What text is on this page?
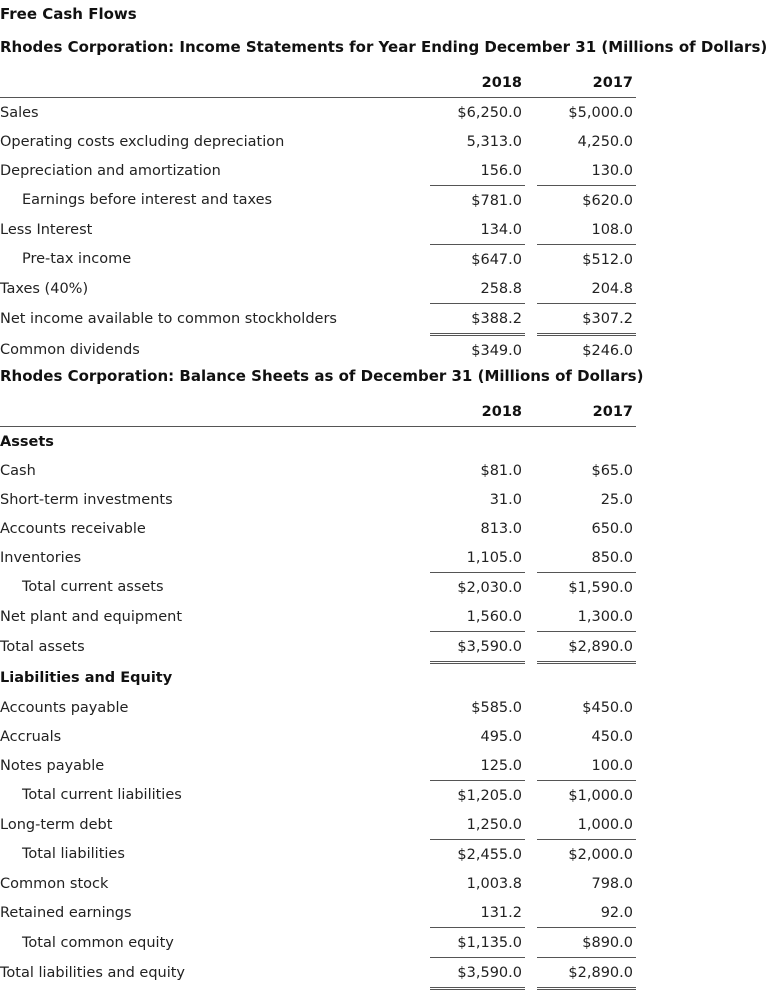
Free Cash Flows
Rhodes Corporation: Income Statements for Year Ending December 31 (Millions of Dollars)
	2018		2017
Sales	$6,250.0		$5,000.0
Operating costs excluding depreciation	5,313.0		4,250.0
Depreciation and amortization	156.0		130.0
Earnings before interest and taxes	$781.0		$620.0
Less Interest	134.0		108.0
Pre-tax income	$647.0		$512.0
Taxes (40%)	258.8		204.8
Net income available to common stockholders	$388.2		$307.2
Common dividends	$349.0		$246.0
Rhodes Corporation: Balance Sheets as of December 31 (Millions of Dollars)
	2018		2017
Assets			
Cash	$81.0		$65.0
Short-term investments	31.0		25.0
Accounts receivable	813.0		650.0
Inventories	1,105.0		850.0
Total current assets	$2,030.0		$1,590.0
Net plant and equipment	1,560.0		1,300.0
Total assets	$3,590.0		$2,890.0
Liabilities and Equity			
Accounts payable	$585.0		$450.0
Accruals	495.0		450.0
Notes payable	125.0		100.0
Total current liabilities	$1,205.0		$1,000.0
Long-term debt	1,250.0		1,000.0
Total liabilities	$2,455.0		$2,000.0
Common stock	1,003.8		798.0
Retained earnings	131.2		92.0
Total common equity	$1,135.0		$890.0
Total liabilities and equity	$3,590.0		$2,890.0
